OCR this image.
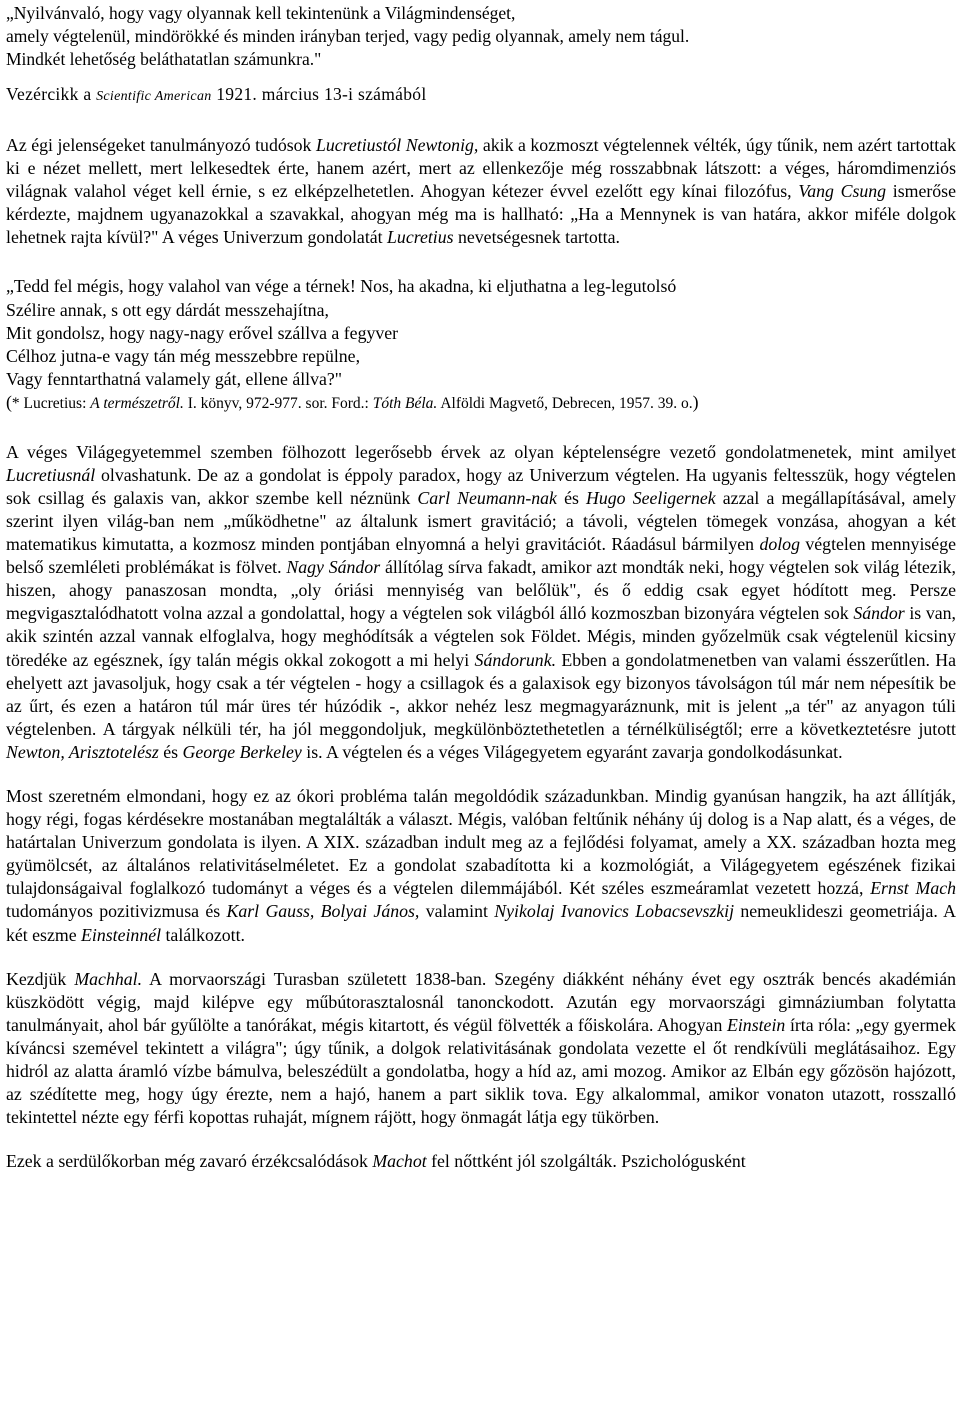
„Nyilvánvaló, hogy vagy olyannak kell tekintenünk a Világmindenséget,
amely végtelenül, mindörökké és minden irányban terjed, vagy pedig olyannak, amely nem tágul.
Mindkét lehetőség beláthatatlan számunkra."
Vezércikk a Scientific American 1921. március 13-i számából

Az égi jelenségeket tanulmányozó tudósok Lucretiustól Newtonig, akik a kozmoszt végtelennek vélték, úgy tűnik, nem azért tartottak ki e nézet mellett, mert lelkesedtek érte, hanem azért, mert az ellenkezője még rosszabbnak látszott: a véges, háromdimenziós világnak valahol véget kell érnie, s ez elképzelhetetlen. Ahogyan kétezer évvel ezelőtt egy kínai filozófus, Vang Csung ismerőse kérdezte, majdnem ugyanazokkal a szavakkal, ahogyan még ma is hallható: „Ha a Mennynek is van határa, akkor miféle dolgok lehetnek rajta kívül?" A véges Univerzum gondolatát Lucretius nevetségesnek tartotta.

„Tedd fel mégis, hogy valahol van vége a térnek! Nos, ha akadna, ki eljuthatna a leg-legutolsó
Szélire annak, s ott egy dárdát messzehajítna,
Mit gondolsz, hogy nagy-nagy erővel szállva a fegyver
Célhoz jutna-e vagy tán még messzebbre repülne,
Vagy fenntarthatná valamely gát, ellene állva?"
(* Lucretius: A természetről. I. könyv, 972-977. sor. Ford.: Tóth Béla. Alföldi Magvető, Debrecen, 1957. 39. o.)

A véges Világegyetemmel szemben fölhozott legerősebb érvek az olyan képtelenségre vezető gondolatmenetek, mint amilyet Lucretiusnál olvashatunk. De az a gondolat is éppoly paradox, hogy az Univerzum végtelen. Ha ugyanis feltesszük, hogy végtelen sok csillag és galaxis van, akkor szembe kell néznünk Carl Neumann-nak és Hugo Seeligernek azzal a megállapításával, amely szerint ilyen világ-ban nem „működhetne" az általunk ismert gravitáció; a távoli, végtelen tömegek vonzása, ahogyan a két matematikus kimutatta, a kozmosz minden pontjában elnyomná a helyi gravitációt. Ráadásul bármilyen dolog végtelen mennyisége belső szemléleti problémákat is fölvet. Nagy Sándor állítólag sírva fakadt, amikor azt mondták neki, hogy végtelen sok világ létezik, hiszen, ahogy panaszosan mondta, „oly óriási mennyiség van belőlük", és ő eddig csak egyet hódított meg. Persze megvigasztalódhatott volna azzal a gondolattal, hogy a végtelen sok világból álló kozmoszban bizonyára végtelen sok Sándor is van, akik szintén azzal vannak elfoglalva, hogy meghódítsák a végtelen sok Földet. Mégis, minden győzelmük csak végtelenül kicsiny töredéke az egésznek, így talán mégis okkal zokogott a mi helyi Sándorunk. Ebben a gondolatmenetben van valami ésszerűtlen. Ha ehelyett azt javasoljuk, hogy csak a tér végtelen - hogy a csillagok és a galaxisok egy bizonyos távolságon túl már nem népesítik be az űrt, és ezen a határon túl már üres tér húzódik -, akkor nehéz lesz megmagyaráznunk, mit is jelent „a tér" az anyagon túli végtelenben. A tárgyak nélküli tér, ha jól meggondoljuk, megkülönböztethetetlen a térnélküliségtől; erre a következtetésre jutott Newton, Arisztotelész és George Berkeley is. A végtelen és a véges Világegyetem egyaránt zavarja gondolkodásunkat.

Most szeretném elmondani, hogy ez az ókori probléma talán megoldódik századunkban. Mindig gyanúsan hangzik, ha azt állítják, hogy régi, fogas kérdésekre mostanában megtalálták a választ. Mégis, valóban feltűnik néhány új dolog is a Nap alatt, és a véges, de határtalan Univerzum gondolata is ilyen. A XIX. században indult meg az a fejlődési folyamat, amely a XX. században hozta meg gyümölcsét, az általános relativitáselméletet. Ez a gondolat szabadította ki a kozmológiát, a Világegyetem egészének fizikai tulajdonságaival foglalkozó tudományt a véges és a végtelen dilemmájából. Két széles eszmeáramlat vezetett hozzá, Ernst Mach tudományos pozitivizmusa és Karl Gauss, Bolyai János, valamint Nyikolaj Ivanovics Lobacsevszkij nemeuklideszi geometriája. A két eszme Einsteinnél találkozott.

Kezdjük Machhal. A morvaországi Turasban született 1838-ban. Szegény diákként néhány évet egy osztrák bencés akadémián küszködött végig, majd kilépve egy műbútorasztalosnál tanonckodott. Azután egy morvaországi gimnáziumban folytatta tanulmányait, ahol bár gyűlölte a tanórákat, mégis kitartott, és végül fölvették a főiskolára. Ahogyan Einstein írta róla: „egy gyermek kíváncsi szemével tekintett a világra"; úgy tűnik, a dolgok relativitásának gondolata vezette el őt rendkívüli meglátásaihoz. Egy hidról az alatta áramló vízbe bámulva, beleszédült a gondolatba, hogy a híd az, ami mozog. Amikor az Elbán egy gőzösön hajózott, az szédítette meg, hogy úgy érezte, nem a hajó, hanem a part siklik tova. Egy alkalommal, amikor vonaton utazott, rosszalló tekintettel nézte egy férfi kopottas ruhaját, mígnem rájött, hogy önmagát látja egy tükörben.

Ezek a serdülőkorban még zavaró érzékcsalódások Machot fel nőttként jól szolgálták. Pszichológusként
